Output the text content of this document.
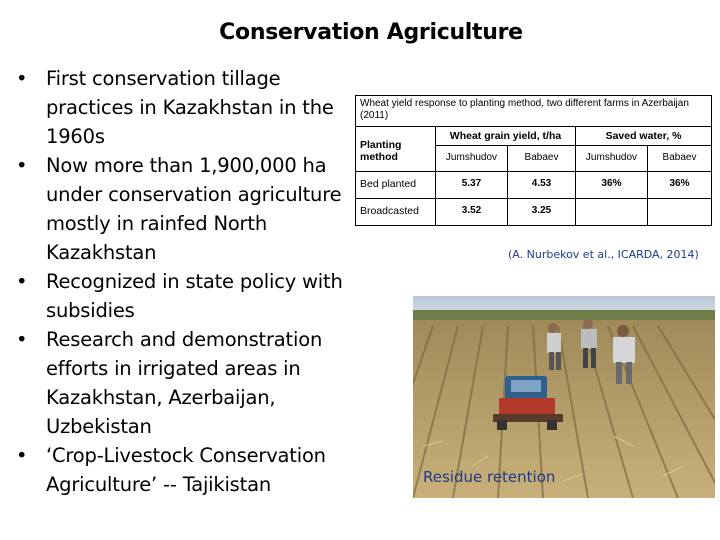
Conservation Agriculture
• First conservation tillage practices in Kazakhstan in the 1960s
• Now more than 1,900,000 ha under conservation agriculture mostly in rainfed North Kazakhstan
• Recognized in state policy with subsidies
• Research and demonstration efforts in irrigated areas in Kazakhstan, Azerbaijan, Uzbekistan
• ‘Crop-Livestock Conservation Agriculture’ -- Tajikistan
Wheat yield response to planting method, two different farms in Azerbaijan (2011)				
Planting method	Wheat grain yield, t/ha		Saved water, %	
	Jumshudov	Babaev	Jumshudov	Babaev
Bed planted	5.37	4.53	36%	36%
Broadcasted	3.52	3.25		
(A. Nurbekov et al., ICARDA, 2014)
Residue retention
